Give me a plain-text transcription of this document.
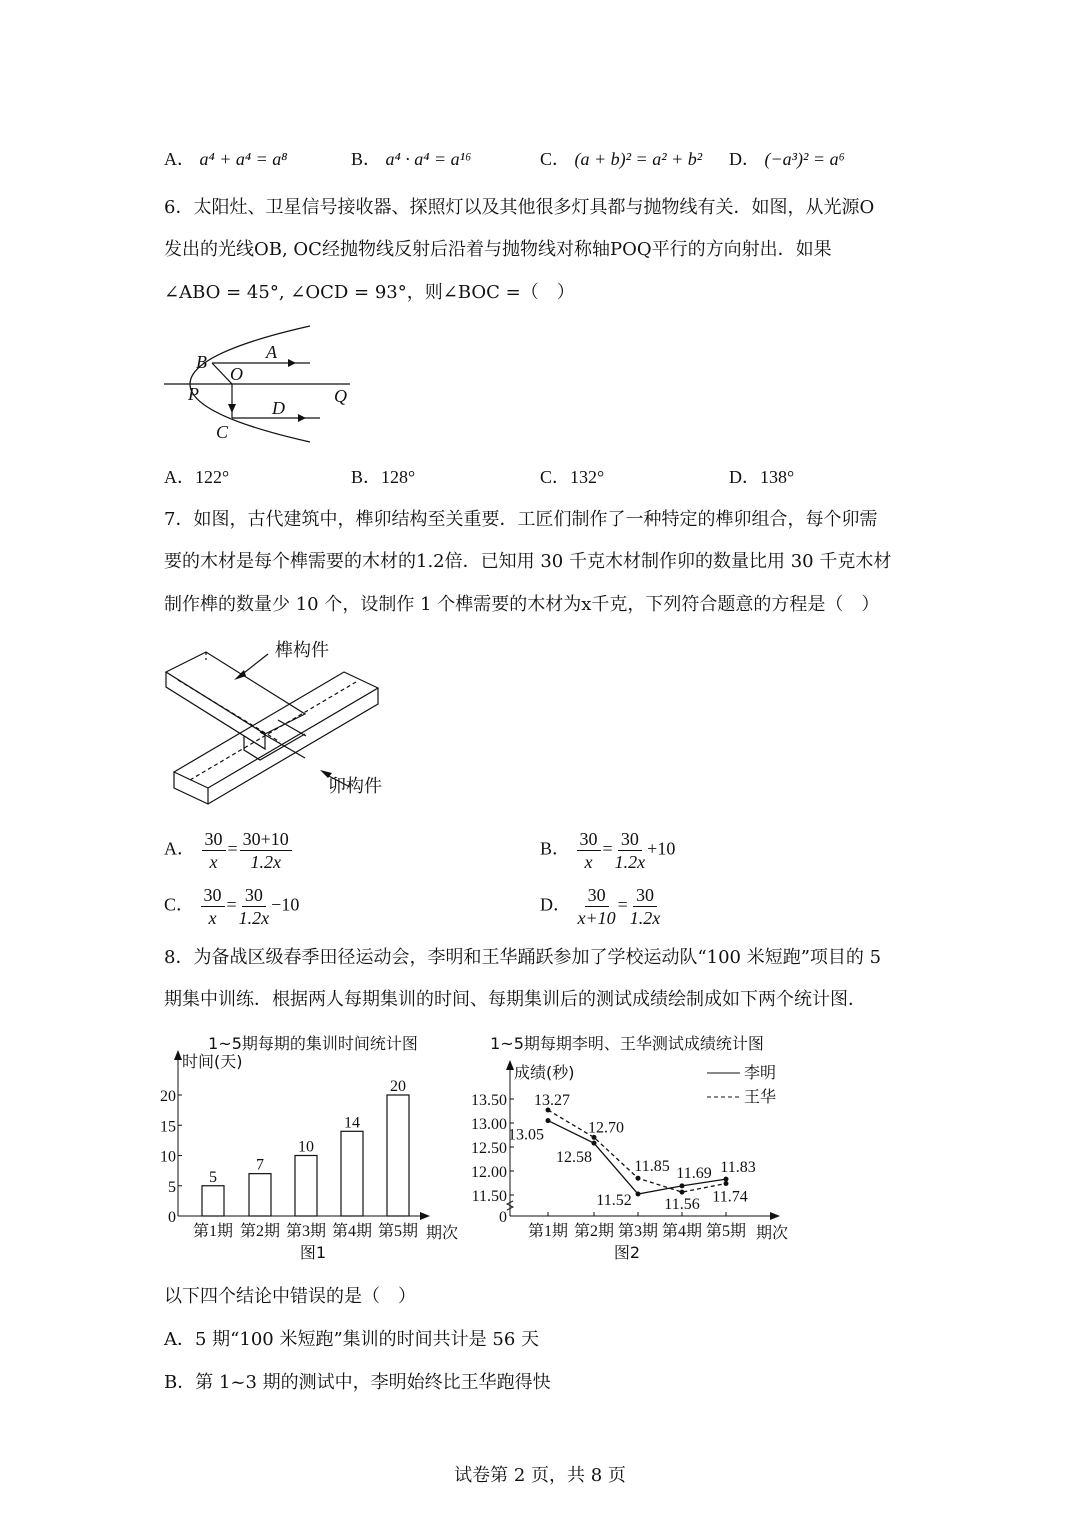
A． a⁴ + a⁴ = a⁸	B． a⁴ · a⁴ = a¹⁶	C． (a + b)² = a² + b² D． (−a³)² = a⁶
6．太阳灶、卫星信号接收器、探照灯以及其他很多灯具都与抛物线有关．如图，从光源O
发出的光线OB, OC经抛物线反射后沿着与抛物线对称轴POQ平行的方向射出．如果
∠ABO = 45°, ∠OCD = 93°，则∠BOC =（　）
A
B
O
P	Q
D
C
A．122°	B．128°	C．132°	D．138°
7．如图，古代建筑中，榫卯结构至关重要．工匠们制作了一种特定的榫卯组合，每个卯需
要的木材是每个榫需要的木材的1.2倍．已知用 30 千克木材制作卯的数量比用 30 千克木材
制作榫的数量少 10 个，设制作 1 个榫需要的木材为x千克，下列符合题意的方程是（　）
榫构件
卯构件
A． $\frac{30}{x} = \frac{30+10}{1.2x}$	B． $\frac{30}{x} = \frac{30}{1.2x} +10$
C． $\frac{30}{x} = \frac{30}{1.2x} -10$	D． $\frac{30}{x+10} = \frac{30}{1.2x}$
8．为备战区级春季田径运动会，李明和王华踊跃参加了学校运动队“100 米短跑”项目的 5
期集中训练．根据两人每期集训的时间、每期集训后的测试成绩绘制成如下两个统计图．
1~5期每期的集训时间统计图
时间(天)
期次
0
5
10
15
20
5
第1期
7
第2期
10
第3期
14
第4期
20
第5期
图1
1~5期每期李明、王华测试成绩统计图
成绩(秒)
期次
0
11.50
12.00
12.50
13.00
13.50
第1期 第2期 第3期 第4期 第5期
13.05
12.58
11.52
11.69 11.83
李明
13.27
12.70
11.85
11.56 11.74
王华
图2
以下四个结论中错误的是（　）
A．5 期“100 米短跑”集训的时间共计是 56 天
B．第 1~3 期的测试中，李明始终比王华跑得快
试卷第 2 页，共 8 页
